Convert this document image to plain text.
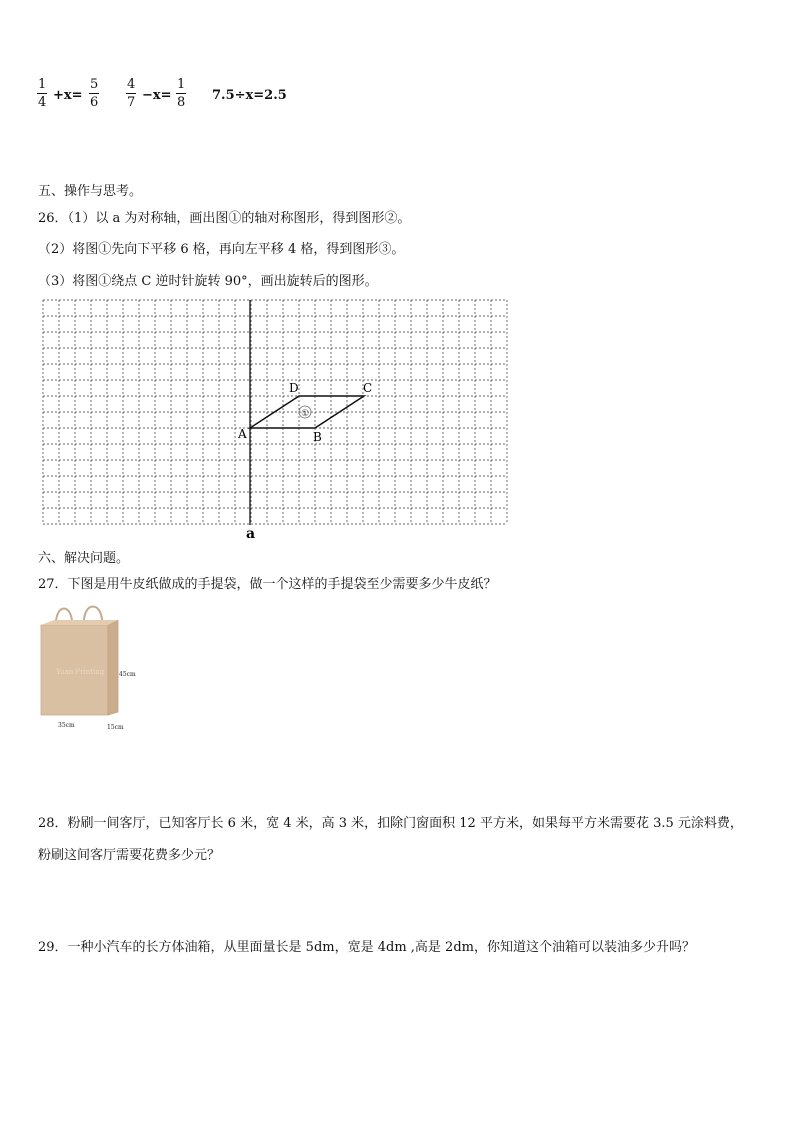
$\frac{1}{4} +x= \frac{5}{6} \frac{4}{7} -x= \frac{1}{8} 7.5\div x=2.5$
五、操作与思考。
26．（1）以 a 为对称轴，画出图①的轴对称图形，得到图形②。
（2）将图①先向下平移 6 格，再向左平移 4 格，得到图形③。
（3）将图①绕点 C 逆时针旋转 90°，画出旋转后的图形。
①
A	B
C
D
a
六、解决问题。
27．下图是用牛皮纸做成的手提袋，做一个这样的手提袋至少需要多少牛皮纸？
Yuan Printing 45cm
35cm	15cm
28．粉刷一间客厅，已知客厅长 6 米，宽 4 米，高 3 米，扣除门窗面积 12 平方米，如果每平方米需要花 3.5 元涂料费，
粉刷这间客厅需要花费多少元？
29．一种小汽车的长方体油箱，从里面量长是 5dm，宽是 4dm ,高是 2dm，你知道这个油箱可以装油多少升吗？
